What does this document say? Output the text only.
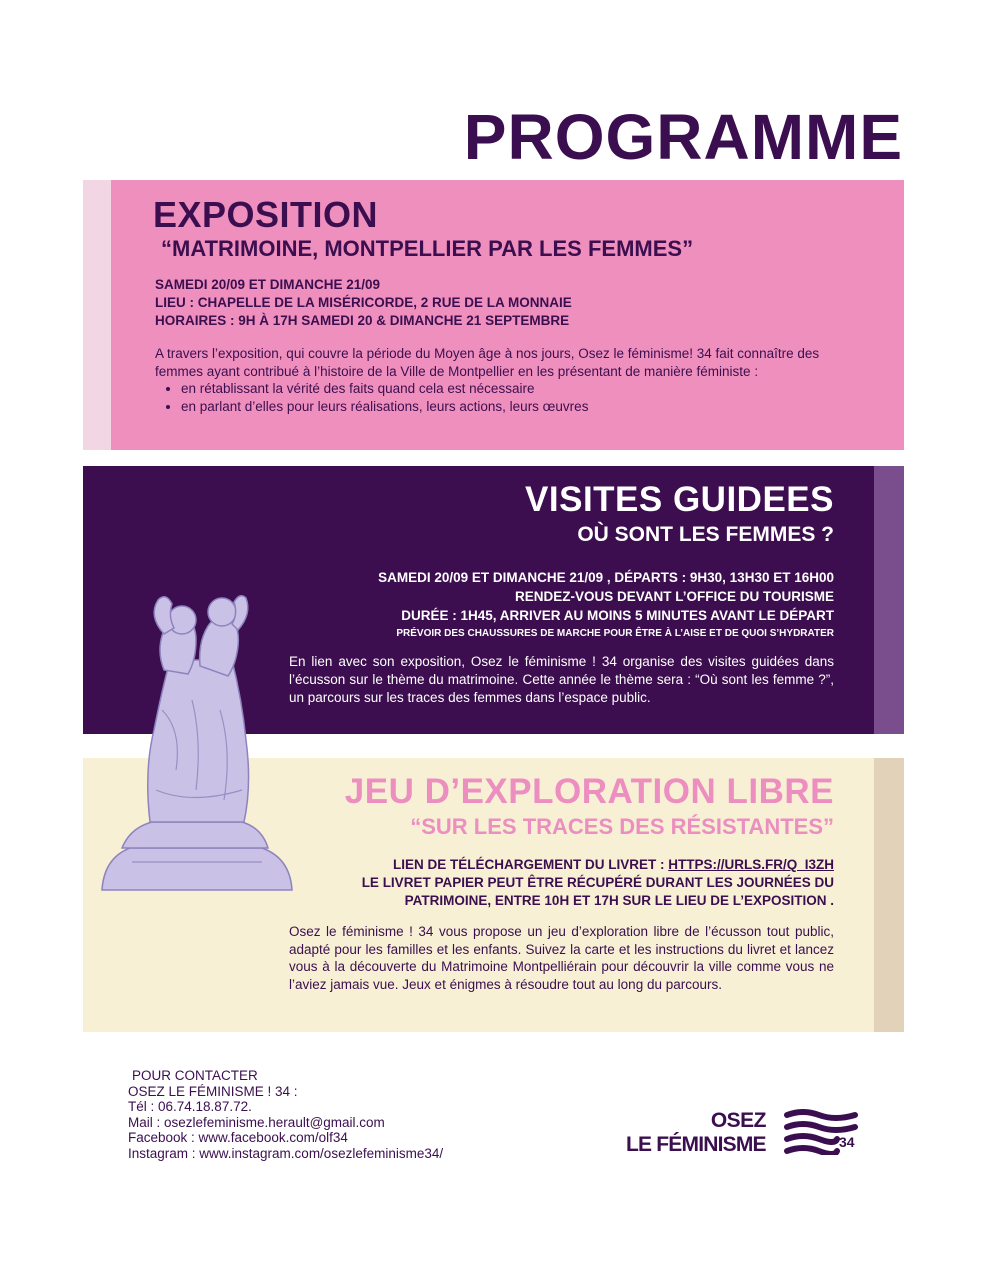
PROGRAMME
EXPOSITION
“MATRIMOINE, MONTPELLIER PAR LES FEMMES”
SAMEDI 20/09 ET DIMANCHE 21/09
LIEU : CHAPELLE DE LA MISÉRICORDE, 2 RUE DE LA MONNAIE
HORAIRES : 9H À 17H SAMEDI 20 & DIMANCHE 21 SEPTEMBRE
A travers l’exposition, qui couvre la période du Moyen âge à nos jours, Osez le féminisme! 34 fait connaître des femmes ayant contribué à l’histoire de la Ville de Montpellier en les présentant de manière féministe :
• en rétablissant la vérité des faits quand cela est nécessaire
• en parlant d’elles pour leurs réalisations, leurs actions, leurs œuvres
VISITES GUIDEES
OÙ SONT LES FEMMES ?
SAMEDI 20/09 ET DIMANCHE 21/09 , DÉPARTS : 9H30, 13H30 ET 16H00
RENDEZ-VOUS DEVANT L’OFFICE DU TOURISME
DURÉE : 1H45, ARRIVER AU MOINS 5 MINUTES AVANT LE DÉPART
PRÉVOIR DES CHAUSSURES DE MARCHE POUR ÊTRE À L’AISE ET DE QUOI S’HYDRATER
En lien avec son exposition, Osez le féminisme ! 34 organise des visites guidées dans l’écusson sur le thème du matrimoine. Cette année le thème sera : “Où sont les femme ?”, un parcours sur les traces des femmes dans l’espace public.
JEU D’EXPLORATION LIBRE
“SUR LES TRACES DES RÉSISTANTES”
LIEN DE TÉLÉCHARGEMENT DU LIVRET : HTTPS://URLS.FR/Q_I3ZH
LE LIVRET PAPIER PEUT ÊTRE RÉCUPÉRÉ DURANT LES JOURNÉES DU
PATRIMOINE, ENTRE 10H ET 17H SUR LE LIEU DE L’EXPOSITION .
Osez le féminisme ! 34 vous propose un jeu d’exploration libre de l’écusson tout public, adapté pour les familles et les enfants. Suivez la carte et les instructions du livret et lancez vous à la découverte du Matrimoine Montpelliérain pour découvrir la ville comme vous ne l’aviez jamais vue. Jeux et énigmes à résoudre tout au long du parcours.
POUR CONTACTER
OSEZ LE FÉMINISME ! 34 :
Tél : 06.74.18.87.72.
Mail : osezlefeminisme.herault@gmail.com
Facebook : www.facebook.com/olf34
Instagram : www.instagram.com/osezlefeminisme34/
OSEZ
LE FÉMINISME	34
